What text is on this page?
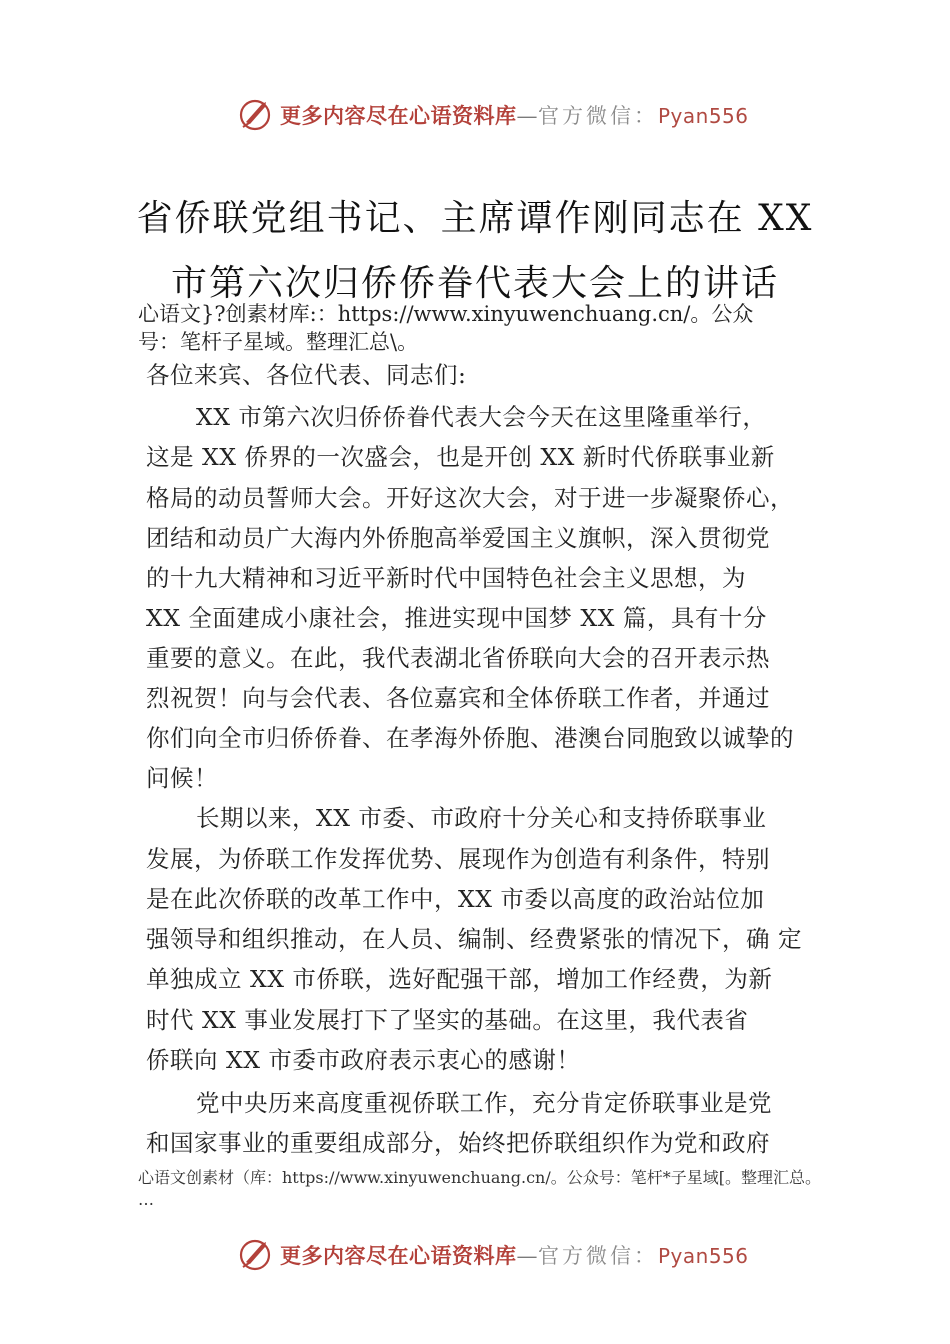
更多内容尽在心语资料库—官方微信：Pyan556
省侨联党组书记、主席谭作刚同志在 XX
市第六次归侨侨眷代表大会上的讲话
心语文}?创素材库:：https://www.xinyuwenchuang.cn/。公众
号：笔杆子星域。整理汇总\。
各位来宾、各位代表、同志们:
XX 市第六次归侨侨眷代表大会今天在这里隆重举行，
这是 XX 侨界的一次盛会，也是开创 XX 新时代侨联事业新
格局的动员誓师大会。开好这次大会，对于进一步凝聚侨心，
团结和动员广大海内外侨胞高举爱国主义旗帜，深入贯彻党
的十九大精神和习近平新时代中国特色社会主义思想，为
XX 全面建成小康社会，推进实现中国梦 XX 篇，具有十分
重要的意义。在此，我代表湖北省侨联向大会的召开表示热
烈祝贺！向与会代表、各位嘉宾和全体侨联工作者，并通过
你们向全市归侨侨眷、在孝海外侨胞、港澳台同胞致以诚挚的
问候！
长期以来，XX 市委、市政府十分关心和支持侨联事业
发展，为侨联工作发挥优势、展现作为创造有利条件，特别
是在此次侨联的改革工作中，XX 市委以高度的政治站位加
强领导和组织推动，在人员、编制、经费紧张的情况下，确 定
单独成立 XX 市侨联，选好配强干部，增加工作经费，为新
时代 XX 事业发展打下了坚实的基础。在这里，我代表省
侨联向 XX 市委市政府表示衷心的感谢！
党中央历来高度重视侨联工作，充分肯定侨联事业是党
和国家事业的重要组成部分，始终把侨联组织作为党和政府
心语文创素材（库：https://www.xinyuwenchuang.cn/。公众号：笔杆*子星域[。整理汇总。
…
更多内容尽在心语资料库—官方微信：Pyan556
